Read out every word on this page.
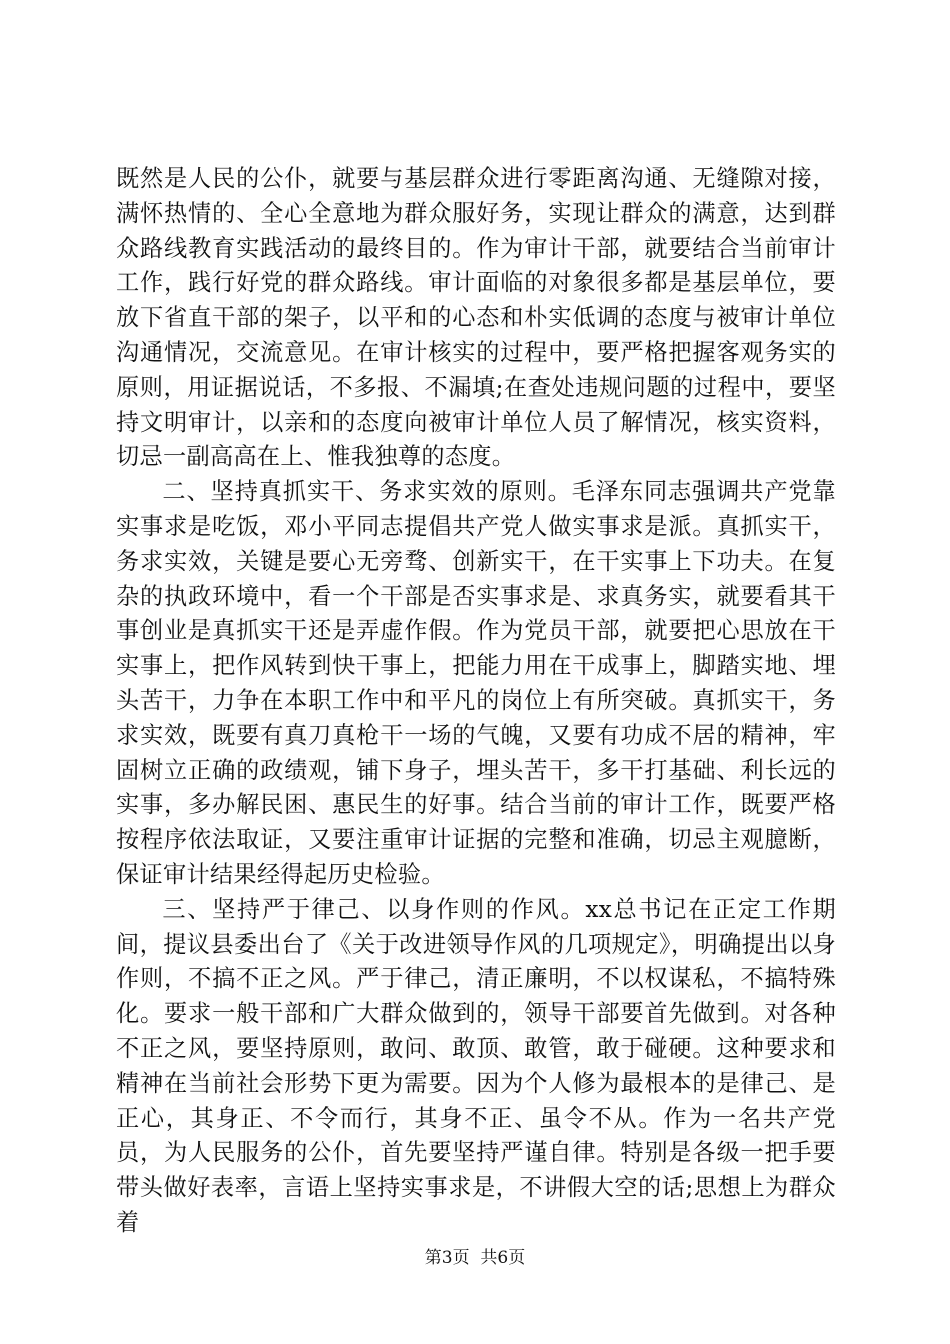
既然是人民的公仆，就要与基层群众进行零距离沟通、无缝隙对接，满怀热情的、全心全意地为群众服好务，实现让群众的满意，达到群众路线教育实践活动的最终目的。作为审计干部，就要结合当前审计工作，践行好党的群众路线。审计面临的对象很多都是基层单位，要放下省直干部的架子，以平和的心态和朴实低调的态度与被审计单位沟通情况，交流意见。在审计核实的过程中，要严格把握客观务实的原则，用证据说话，不多报、不漏填;在查处违规问题的过程中，要坚持文明审计，以亲和的态度向被审计单位人员了解情况，核实资料，切忌一副高高在上、惟我独尊的态度。

二、坚持真抓实干、务求实效的原则。毛泽东同志强调共产党靠实事求是吃饭，邓小平同志提倡共产党人做实事求是派。真抓实干，务求实效，关键是要心无旁骛、创新实干，在干实事上下功夫。在复杂的执政环境中，看一个干部是否实事求是、求真务实，就要看其干事创业是真抓实干还是弄虚作假。作为党员干部，就要把心思放在干实事上，把作风转到快干事上，把能力用在干成事上，脚踏实地、埋头苦干，力争在本职工作中和平凡的岗位上有所突破。真抓实干，务求实效，既要有真刀真枪干一场的气魄，又要有功成不居的精神，牢固树立正确的政绩观，铺下身子，埋头苦干，多干打基础、利长远的实事，多办解民困、惠民生的好事。结合当前的审计工作，既要严格按程序依法取证，又要注重审计证据的完整和准确，切忌主观臆断，保证审计结果经得起历史检验。

三、坚持严于律己、以身作则的作风。xx总书记在正定工作期间，提议县委出台了《关于改进领导作风的几项规定》，明确提出以身作则，不搞不正之风。严于律己，清正廉明，不以权谋私，不搞特殊化。要求一般干部和广大群众做到的，领导干部要首先做到。对各种不正之风，要坚持原则，敢问、敢顶、敢管，敢于碰硬。这种要求和精神在当前社会形势下更为需要。因为个人修为最根本的是律己、是正心，其身正、不令而行，其身不正、虽令不从。作为一名共产党员，为人民服务的公仆，首先要坚持严谨自律。特别是各级一把手要带头做好表率，言语上坚持实事求是，不讲假大空的话;思想上为群众着

第3页  共6页
